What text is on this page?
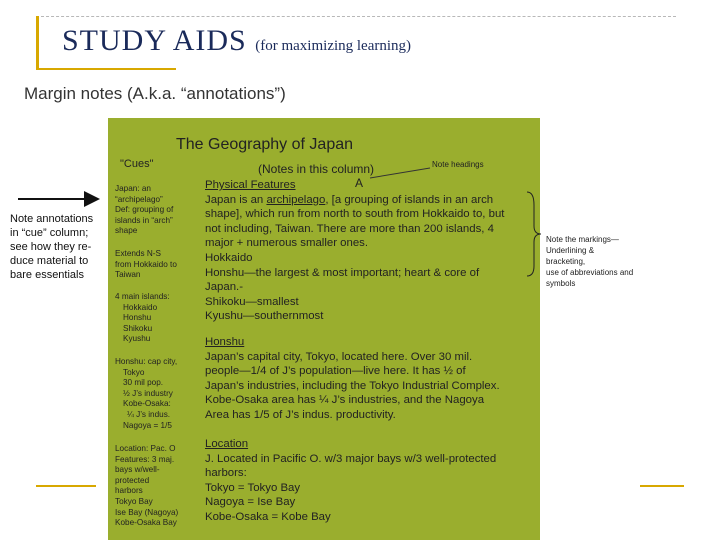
STUDY AIDS (for maximizing learning)
Margin notes (A.k.a. “annotations”)
The Geography of Japan
"Cues"	(Notes in this column)	Note headings
A
Japan: an
“archipelago”
Def: grouping of
islands in “arch”
shape
Extends N-S
from Hokkaido to
Taiwan
4 main islands:
Hokkaido
Honshu
Shikoku
Kyushu
Honshu: cap city,
Tokyo
30 mil pop.
½ J’s industry
Kobe-Osaka:
¼ J’s indus.
Nagoya = 1/5
Location: Pac. O
Features: 3 maj.
bays w/well-
protected
harbors
Tokyo Bay
Ise Bay (Nagoya)
Kobe-Osaka Bay
Physical Features
Japan is an archipelago, [a grouping of islands in an arch
shape], which run from north to south from Hokkaido to, but
not including, Taiwan. There are more than 200 islands, 4
major + numerous smaller ones.
Hokkaido
Honshu—the largest & most important; heart & core of
Japan.-
Shikoku—smallest
Kyushu—southernmost
Honshu
Japan’s capital city, Tokyo, located here. Over 30 mil.
people—1/4 of J’s population—live here. It has ½ of
Japan’s industries, including the Tokyo Industrial Complex.
Kobe-Osaka area has ¼ J’s industries, and the Nagoya
Area has 1/5 of J’s indus. productivity.
Location
J. Located in Pacific O. w/3 major bays w/3 well-protected
harbors:
Tokyo = Tokyo Bay
Nagoya = Ise Bay
Kobe-Osaka = Kobe Bay
Note annotations
in “cue” column;
see how they re-
duce material to
bare essentials
Note the markings—
Underlining &
bracketing,
use of abbreviations and
symbols
